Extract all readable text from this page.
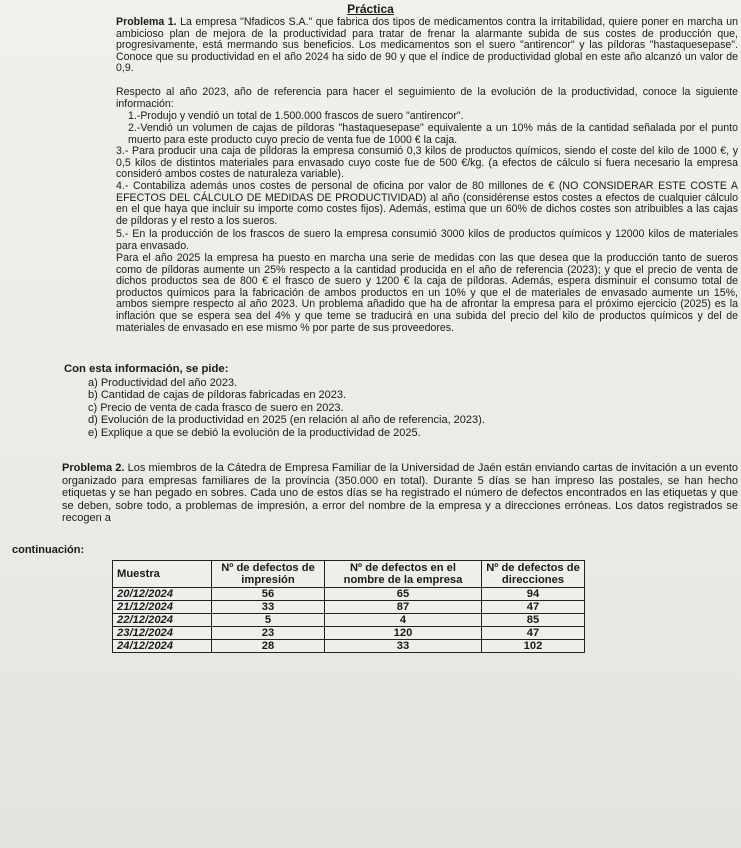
Práctica

Problema 1. La empresa "Nfadicos S.A." que fabrica dos tipos de medicamentos contra la irritabilidad, quiere poner en marcha un ambicioso plan de mejora de la productividad para tratar de frenar la alarmante subida de sus costes de producción que, progresivamente, está mermando sus beneficios. Los medicamentos son el suero "antirencor" y las píldoras "hastaquesepase". Conoce que su productividad en el año 2024 ha sido de 90 y que el índice de productividad global en este año alcanzó un valor de 0,9.

Respecto al año 2023, año de referencia para hacer el seguimiento de la evolución de la productividad, conoce la siguiente información:

1.-Produjo y vendió un total de 1.500.000 frascos de suero "antirencor".

2.-Vendió un volumen de cajas de píldoras "hastaquesepase" equivalente a un 10% más de la cantidad señalada por el punto muerto para este producto cuyo precio de venta fue de 1000 € la caja.

3.- Para producir una caja de píldoras la empresa consumió 0,3 kilos de productos químicos, siendo el coste del kilo de 1000 €, y 0,5 kilos de distintos materiales para envasado cuyo coste fue de 500 €/kg. (a efectos de cálculo si fuera necesario la empresa consideró ambos costes de naturaleza variable).

4.- Contabiliza además unos costes de personal de oficina por valor de 80 millones de € (NO CONSIDERAR ESTE COSTE A EFECTOS DEL CÁLCULO DE MEDIDAS DE PRODUCTIVIDAD) al año (considérense estos costes a efectos de cualquier cálculo en el que haya que incluir su importe como costes fijos). Además, estima que un 60% de dichos costes son atribuibles a las cajas de píldoras y el resto a los sueros.

5.- En la producción de los frascos de suero la empresa consumió 3000 kilos de productos químicos y 12000 kilos de materiales para envasado.

Para el año 2025 la empresa ha puesto en marcha una serie de medidas con las que desea que la producción tanto de sueros como de píldoras aumente un 25% respecto a la cantidad producida en el año de referencia (2023); y que el precio de venta de dichos productos sea de 800 € el frasco de suero y 1200 € la caja de píldoras. Además, espera disminuir el consumo total de productos químicos para la fabricación de ambos productos en un 10% y que el de materiales de envasado aumente un 15%, ambos siempre respecto al año 2023. Un problema añadido que ha de afrontar la empresa para el próximo ejercicio (2025) es la inflación que se espera sea del 4% y que teme se traducirá en una subida del precio del kilo de productos químicos y del de materiales de envasado en ese mismo % por parte de sus proveedores.

Con esta información, se pide:
a) Productividad del año 2023.
b) Cantidad de cajas de píldoras fabricadas en 2023.
c) Precio de venta de cada frasco de suero en 2023.
d) Evolución de la productividad en 2025 (en relación al año de referencia, 2023).
e) Explique a que se debió la evolución de la productividad de 2025.

Problema 2. Los miembros de la Cátedra de Empresa Familiar de la Universidad de Jaén están enviando cartas de invitación a un evento organizado para empresas familiares de la provincia (350.000 en total). Durante 5 días se han impreso las postales, se han hecho etiquetas y se han pegado en sobres. Cada uno de estos días se ha registrado el número de defectos encontrados en las etiquetas y que se deben, sobre todo, a problemas de impresión, a error del nombre de la empresa y a direcciones erróneas. Los datos registrados se recogen a

continuación:
Muestra	Nº de defectos de impresión	Nº de defectos en el nombre de la empresa	Nº de defectos de direcciones
20/12/2024	56	65	94
21/12/2024	33	87	47
22/12/2024	5	4	85
23/12/2024	23	120	47
24/12/2024	28	33	102
